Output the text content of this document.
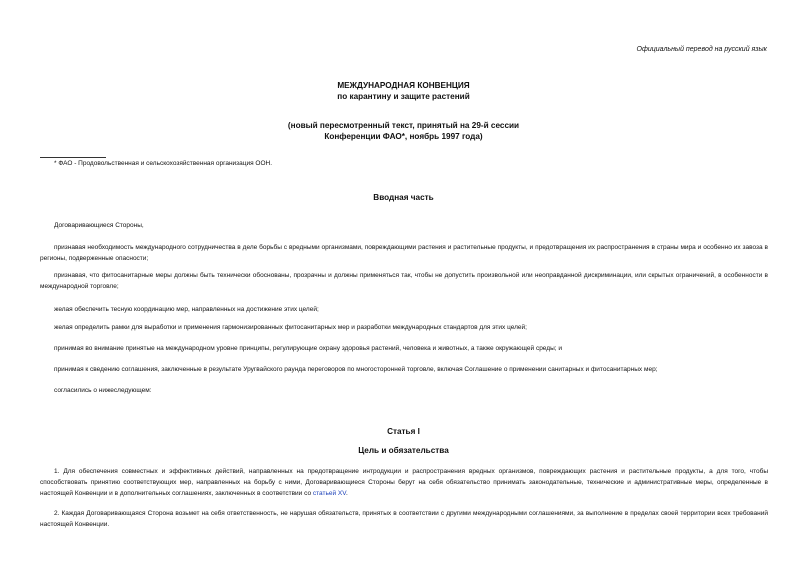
Официальный перевод на русский язык
МЕЖДУНАРОДНАЯ КОНВЕНЦИЯ
по карантину и защите растений
(новый пересмотренный текст, принятый на 29-й сессии
Конференции ФАО*, ноябрь 1997 года)
* ФАО - Продовольственная и сельскохозяйственная организация ООН.
Вводная часть
Договаривающиеся Стороны,
признавая необходимость международного сотрудничества в деле борьбы с вредными организмами, повреждающими растения и растительные продукты, и предотвращения их распространения в страны мира и особенно их завоза в регионы, подверженные опасности;
признавая, что фитосанитарные меры должны быть технически обоснованы, прозрачны и должны применяться так, чтобы не допустить произвольной или неоправданной дискриминации, или скрытых ограничений, в особенности в международной торговле;
желая обеспечить тесную координацию мер, направленных на достижение этих целей;
желая определить рамки для выработки и применения гармонизированных фитосанитарных мер и разработки международных стандартов для этих целей;
принимая во внимание принятые на международном уровне принципы, регулирующие охрану здоровья растений, человека и животных, а также окружающей среды; и
принимая к сведению соглашения, заключенные в результате Уругвайского раунда переговоров по многосторонней торговле, включая Соглашение о применении санитарных и фитосанитарных мер;
согласились о нижеследующем:
Статья I
Цель и обязательства
1. Для обеспечения совместных и эффективных действий, направленных на предотвращение интродукции и распространения вредных организмов, повреждающих растения и растительные продукты, а для того, чтобы способствовать принятию соответствующих мер, направленных на борьбу с ними, Договаривающиеся Стороны берут на себя обязательство принимать законодательные, технические и административные меры, определенные в настоящей Конвенции и в дополнительных соглашениях, заключенных в соответствии со статьей XV.
2. Каждая Договаривающаяся Сторона возьмет на себя ответственность, не нарушая обязательств, принятых в соответствии с другими международными соглашениями, за выполнение в пределах своей территории всех требований настоящей Конвенции.
